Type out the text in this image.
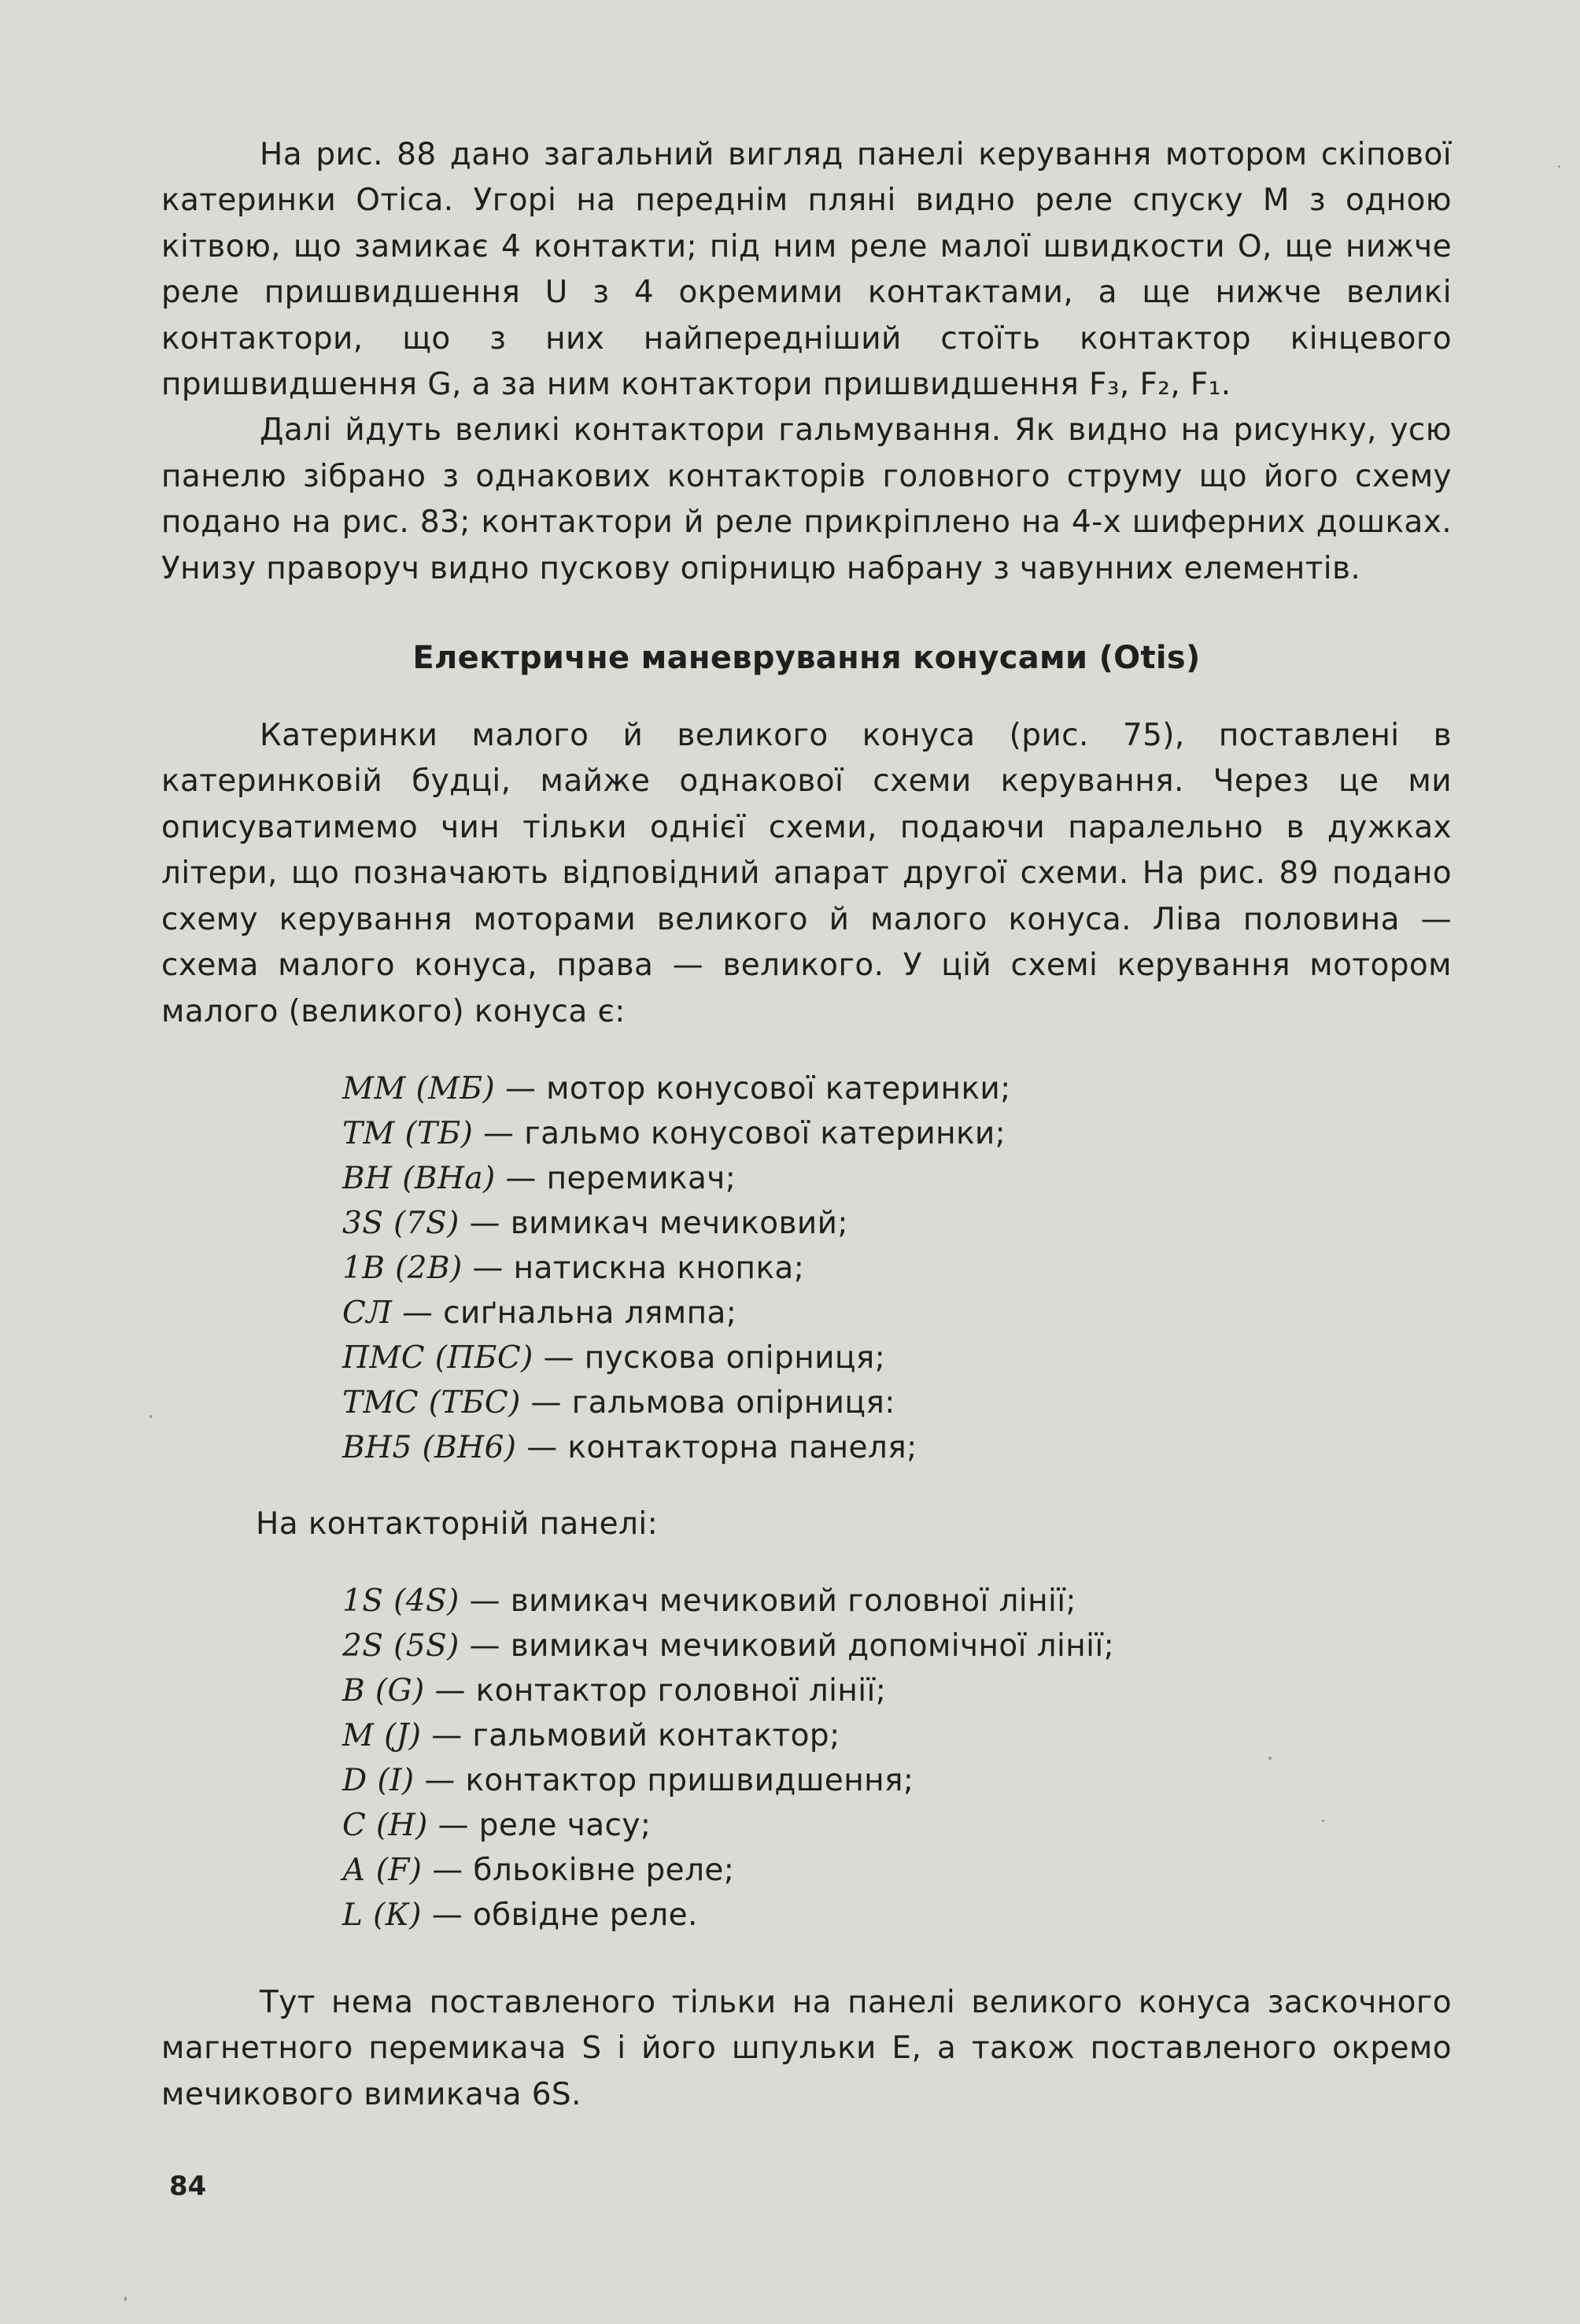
На рис. 88 дано загальний вигляд панелі керування мотором скіпової катеринки Отіса. Угорі на переднім пляні видно реле спуску М з одною кітвою, що замикає 4 контакти; під ним реле малої швидкости O, ще нижче реле пришвидшення U з 4 окремими контактами, а ще нижче великі контактори, що з них найпередніший стоїть контактор кінцевого пришвидшення G, а за ним контактори пришвидшення F₃, F₂, F₁.

Далі йдуть великі контактори гальмування. Як видно на рисунку, усю панелю зібрано з однакових контакторів головного струму що його схему подано на рис. 83; контактори й реле прикріплено на 4-х шиферних дошках. Унизу праворуч видно пускову опірницю набрану з чавунних елементів.

Електричне маневрування конусами (Otis)

Катеринки малого й великого конуса (рис. 75), поставлені в катеринковій будці, майже однакової схеми керування. Через це ми описуватимемо чин тільки однієї схеми, подаючи паралельно в дужках літери, що позначають відповідний апарат другої схеми. На рис. 89 подано схему керування моторами великого й малого конуса. Ліва половина — схема малого конуса, права — великого. У цій схемі керування мотором малого (великого) конуса є:

ММ (МБ) — мотор конусової катеринки;
ТМ (ТБ) — гальмо конусової катеринки;
ВН (ВНа) — перемикач;
3S (7S) — вимикач мечиковий;
1В (2В) — натискна кнопка;
СЛ — сиґнальна лямпа;
ПМС (ПБС) — пускова опірниця;
ТМС (ТБС) — гальмова опірниця:
ВН5 (ВН6) — контакторна панеля;

На контакторній панелі:

1S (4S) — вимикач мечиковий головної лінії;
2S (5S) — вимикач мечиковий допомічної лінії;
В (G) — контактор головної лінії;
М (J) — гальмовий контактор;
D (I) — контактор пришвидшення;
С (Н) — реле часу;
А (F) — бльоківне реле;
L (К) — обвідне реле.

Тут нема поставленого тільки на панелі великого конуса заскочного магнетного перемикача S і його шпульки E, а також поставленого окремо мечикового вимикача 6S.

84
